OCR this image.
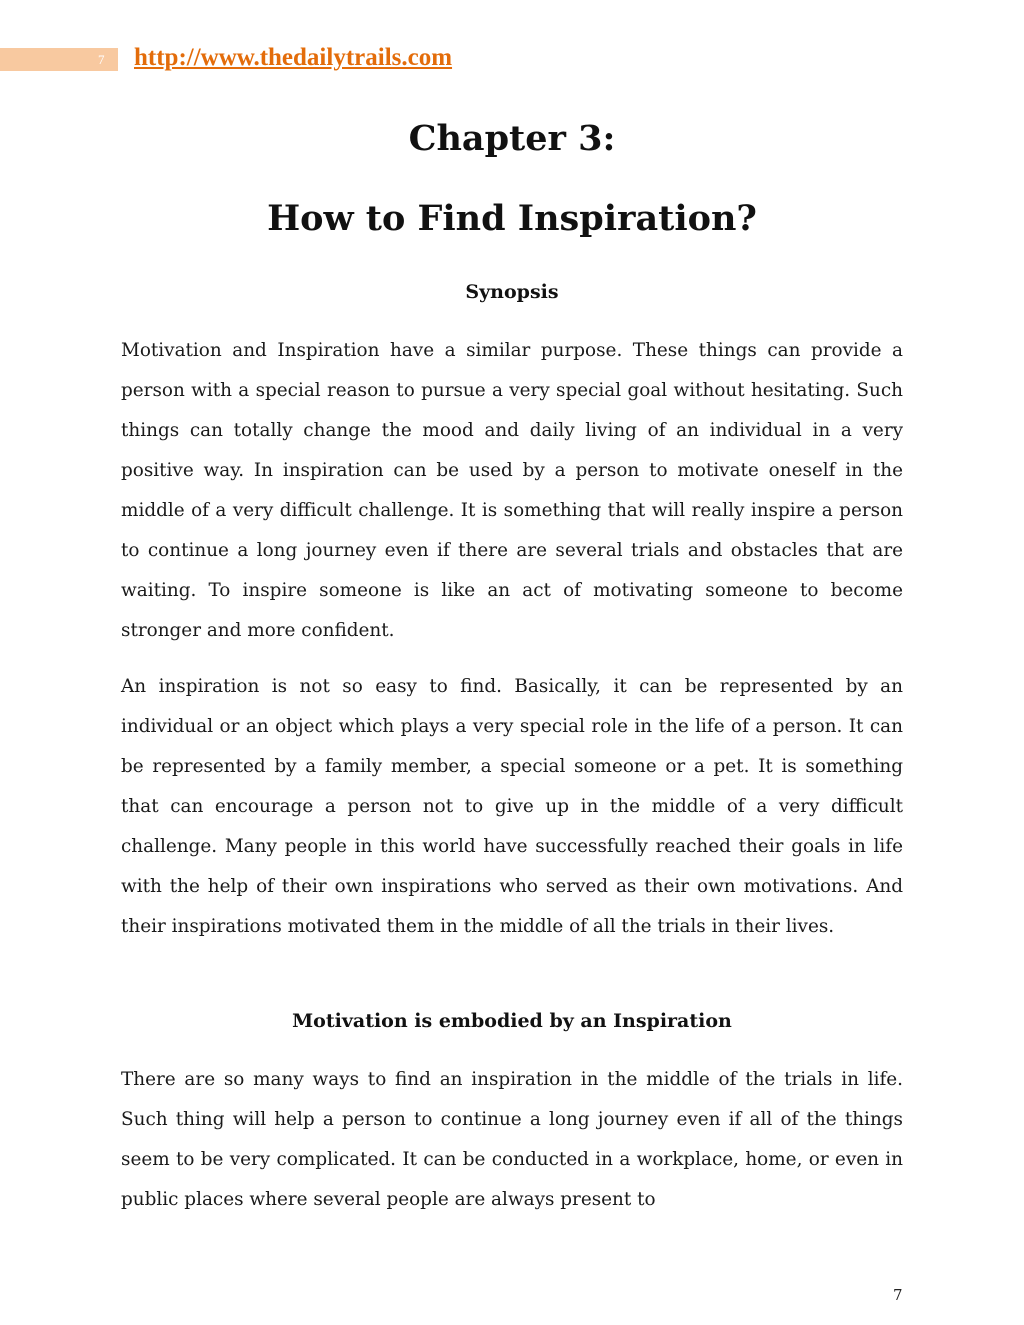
7 http://www.thedailytrails.com
Chapter 3:
How to Find Inspiration?
Synopsis

Motivation and Inspiration have a similar purpose. These things can provide a person with a special reason to pursue a very special goal without hesitating. Such things can totally change the mood and daily living of an individual in a very positive way. In inspiration can be used by a person to motivate oneself in the middle of a very difficult challenge. It is something that will really inspire a person to continue a long journey even if there are several trials and obstacles that are waiting. To inspire someone is like an act of motivating someone to become stronger and more confident.

An inspiration is not so easy to find. Basically, it can be represented by an individual or an object which plays a very special role in the life of a person. It can be represented by a family member, a special someone or a pet. It is something that can encourage a person not to give up in the middle of a very difficult challenge. Many people in this world have successfully reached their goals in life with the help of their own inspirations who served as their own motivations. And their inspirations motivated them in the middle of all the trials in their lives.

Motivation is embodied by an Inspiration

There are so many ways to find an inspiration in the middle of the trials in life. Such thing will help a person to continue a long journey even if all of the things seem to be very complicated. It can be conducted in a workplace, home, or even in public places where several people are always present to

7
